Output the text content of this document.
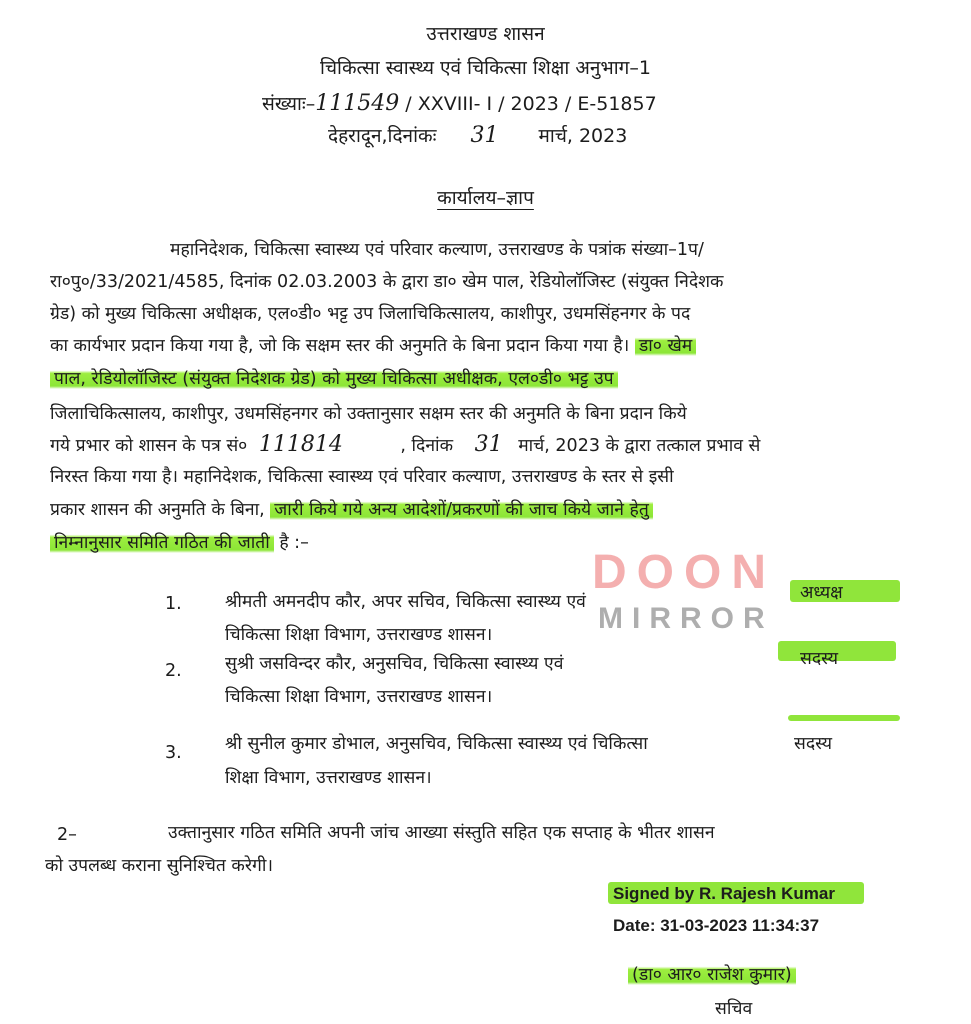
उत्तराखण्ड शासन
चिकित्सा स्वास्थ्य एवं चिकित्सा शिक्षा अनुभाग–1
संख्याः–111549 / XXVIII- I / 2023 / E-51857
देहरादून,दिनांकः 31 मार्च, 2023
कार्यालय–ज्ञाप
महानिदेशक, चिकित्सा स्वास्थ्य एवं परिवार कल्याण, उत्तराखण्ड के पत्रांक संख्या–1प/
रा०पु०/33/2021/4585, दिनांक 02.03.2003 के द्वारा डा० खेम पाल, रेडियोलॉजिस्ट (संयुक्त निदेशक
ग्रेड) को मुख्य चिकित्सा अधीक्षक, एल०डी० भट्ट उप जिलाचिकित्सालय, काशीपुर, उधमसिंहनगर के पद
का कार्यभार प्रदान किया गया है, जो कि सक्षम स्तर की अनुमति के बिना प्रदान किया गया है। डा० खेम
पाल, रेडियोलॉजिस्ट (संयुक्त निदेशक ग्रेड) को मुख्य चिकित्सा अधीक्षक, एल०डी० भट्ट उप
जिलाचिकित्सालय, काशीपुर, उधमसिंहनगर को उक्तानुसार सक्षम स्तर की अनुमति के बिना प्रदान किये
गये प्रभार को शासन के पत्र सं० 111814	, दिनांक 31 मार्च, 2023 के द्वारा तत्काल प्रभाव से
निरस्त किया गया है। महानिदेशक, चिकित्सा स्वास्थ्य एवं परिवार कल्याण, उत्तराखण्ड के स्तर से इसी
प्रकार शासन की अनुमति के बिना, जारी किये गये अन्य आदेशों/प्रकरणों की जाच किये जाने हेतु
निम्नानुसार समिति गठित की जाती है :–
DOON
MIRROR
1. श्रीमती अमनदीप कौर, अपर सचिव, चिकित्सा स्वास्थ्य एवं
चिकित्सा शिक्षा विभाग, उत्तराखण्ड शासन।
अध्यक्ष
2. सुश्री जसविन्दर कौर, अनुसचिव, चिकित्सा स्वास्थ्य एवं
चिकित्सा शिक्षा विभाग, उत्तराखण्ड शासन।
सदस्य
3. श्री सुनील कुमार डोभाल, अनुसचिव, चिकित्सा स्वास्थ्य एवं चिकित्सा
शिक्षा विभाग, उत्तराखण्ड शासन।
सदस्य
2–	उक्तानुसार गठित समिति अपनी जांच आख्या संस्तुति सहित एक सप्ताह के भीतर शासन
को उपलब्ध कराना सुनिश्चित करेगी।
Signed by R. Rajesh Kumar
Date: 31-03-2023 11:34:37
(डा० आर० राजेश कुमार)
सचिव
